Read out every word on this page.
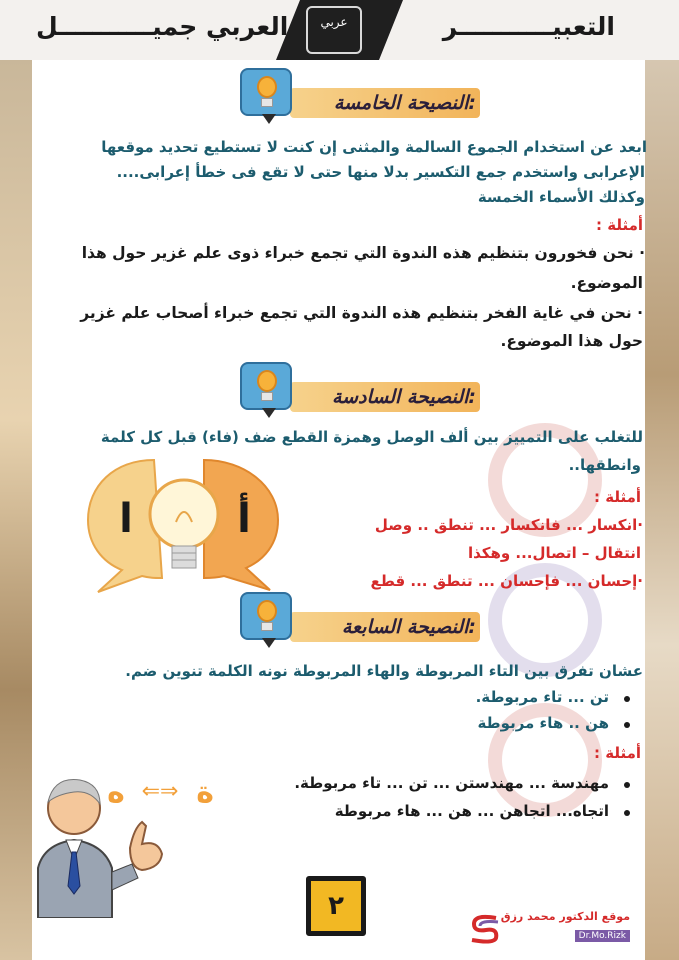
التعبيـــــــــــر
العربي جميـــــــــــل	عربي
النصيحة الخامسة:
ابعد عن استخدام الجموع السالمة والمثنى إن كنت لا تستطيع تحديد موقعها
الإعرابى واستخدم جمع التكسير بدلا منها حتى لا تقع فى خطأ إعرابى....
وكذلك الأسماء الخمسة
أمثلة :
· نحن فخورون بتنظيم هذه الندوة التي تجمع خبراء ذوى علم غزير حول هذا
الموضوع.
· نحن في غاية الفخر بتنظيم هذه الندوة التي تجمع خبراء أصحاب علم غزير
حول هذا الموضوع.
النصيحة السادسة:
للتغلب على التمييز بين ألف الوصل وهمزة القطع ضف (فاء) قبل كل كلمة
وانطقها..
أمثلة :
·انكسار ... فانكسار ... تنطق .. وصل
انتقال – اتصال... وهكذا
·إحسان ... فإحسان ... تنطق ... قطع
ا	أ
النصيحة السابعة:
عشان تفرق بين التاء المربوطة والهاء المربوطة نونه الكلمة تنوين ضم.
تن ... تاء مربوطة.
هن .. هاء مربوطة
أمثلة :
مهندسة ... مهندستن ... تن ... تاء مربوطة.
اتجاه... اتجاهن ... هن ... هاء مربوطة
ة
⇐⇒
ه
٢	موقع الدكتور محمد رزق
Dr.Mo.Rizk
